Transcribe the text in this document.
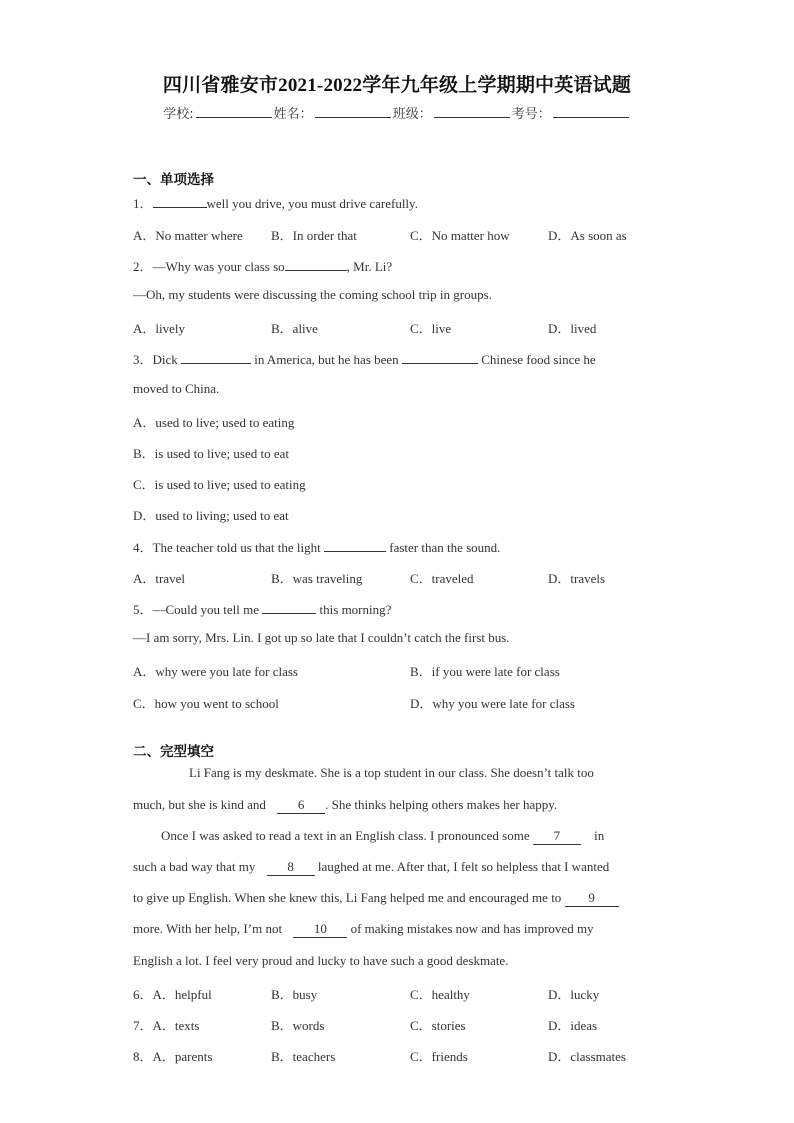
四川省雅安市2021-2022学年九年级上学期期中英语试题
学校:	姓名：	班级：	考号：
一、单项选择
1．	well you drive, you must drive carefully.
A．No matter where B．In order that	C．No matter how	D．As soon as
2．—Why was your class so	, Mr. Li?
—Oh, my students were discussing the coming school trip in groups.
A．lively	B．alive	C．live	D．lived
3．Dick	in America, but he has been	Chinese food since he
moved to China.
A．used to live; used to eating
B．is used to live; used to eat
C．is used to live; used to eating
D．used to living; used to eat
4．The teacher told us that the light	faster than the sound.
A．travel	B．was traveling	C．traveled	D．travels
5．—Could you tell me	this morning?
—I am sorry, Mrs. Lin. I got up so late that I couldn’t catch the first bus.
A．why were you late for class	B．if you were late for class
C．how you went to school	D．why you were late for class
二、完型填空
Li Fang is my deskmate. She is a top student in our class. She doesn’t talk too
much, but she is kind and 6 . She thinks helping others makes her happy.
Once I was asked to read a text in an English class. I pronounced some 7	in
such a bad way that my 8 laughed at me. After that, I felt so helpless that I wanted
to give up English. When she knew this, Li Fang helped me and encouraged me to 9
more. With her help, I’m not 10 of making mistakes now and has improved my
English a lot. I feel very proud and lucky to have such a good deskmate.
6．A．helpful	B．busy	C．healthy	D．lucky
7．A．texts	B．words	C．stories	D．ideas
8．A．parents	B．teachers	C．friends	D．classmates
